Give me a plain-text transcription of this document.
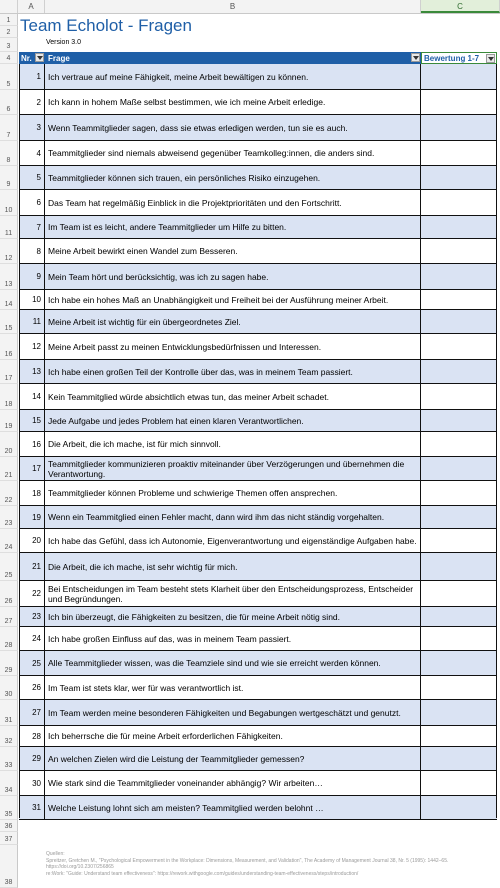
A	B	C
1
2
3
4
5
6
7
8
9
10
11
12
13
14
15
16
17
18
19
20
21
22
23
24
25
26
27
28
29
30
31
32
33
34
35
36
37
38
Team Echolot - Fragen
Version 3.0
Nr. Frage	Bewertung 1-7
1 Ich vertraue auf meine Fähigkeit, meine Arbeit bewältigen zu können.
2 Ich kann in hohem Maße selbst bestimmen, wie ich meine Arbeit erledige.
3 Wenn Teammitglieder sagen, dass sie etwas erledigen werden, tun sie es auch.
4 Teammitglieder sind niemals abweisend gegenüber Teamkolleg:innen, die anders sind.
5 Teammitglieder können sich trauen, ein persönliches Risiko einzugehen.
6 Das Team hat regelmäßig Einblick in die Projektprioritäten und den Fortschritt.
7 Im Team ist es leicht, andere Teammitglieder um Hilfe zu bitten.
8 Meine Arbeit bewirkt einen Wandel zum Besseren.
9 Mein Team hört und berücksichtig, was ich zu sagen habe.
10 Ich habe ein hohes Maß an Unabhängigkeit und Freiheit bei der Ausführung meiner Arbeit.
11 Meine Arbeit ist wichtig für ein übergeordnetes Ziel.
12 Meine Arbeit passt zu meinen Entwicklungsbedürfnissen und Interessen.
13 Ich habe einen großen Teil der Kontrolle über das, was in meinem Team passiert.
14 Kein Teammitglied würde absichtlich etwas tun, das meiner Arbeit schadet.
15 Jede Aufgabe und jedes Problem hat einen klaren Verantwortlichen.
16 Die Arbeit, die ich mache, ist für mich sinnvoll.
17 Teammitglieder kommunizieren proaktiv miteinander über Verzögerungen und übernehmen die Verantwortung.
18 Teammitglieder können Probleme und schwierige Themen offen ansprechen.
19 Wenn ein Teammitglied einen Fehler macht, dann wird ihm das nicht ständig vorgehalten.
20 Ich habe das Gefühl, dass ich Autonomie, Eigenverantwortung und eigenständige Aufgaben habe.
21 Die Arbeit, die ich mache, ist sehr wichtig für mich.
22 Bei Entscheidungen im Team besteht stets Klarheit über den Entscheidungsprozess, Entscheider und Begründungen.
23 Ich bin überzeugt, die Fähigkeiten zu besitzen, die für meine Arbeit nötig sind.
24 Ich habe großen Einfluss auf das, was in meinem Team passiert.
25 Alle Teammitglieder wissen, was die Teamziele sind und wie sie erreicht werden können.
26 Im Team ist stets klar, wer für was verantwortlich ist.
27 Im Team werden meine besonderen Fähigkeiten und Begabungen wertgeschätzt und genutzt.
28 Ich beherrsche die für meine Arbeit erforderlichen Fähigkeiten.
29 An welchen Zielen wird die Leistung der Teammitglieder gemessen?
30 Wie stark sind die Teammitglieder voneinander abhängig? Wir arbeiten…
31 Welche Leistung lohnt sich am meisten? Teammitglied werden belohnt …
Quellen:
Spreitzer, Gretchen M., "Psychological Empowerment in the Workplace: Dimensions, Measurement, and Validation", The Academy of Management Journal 38, Nr. 5 (1995): 1442–65. https://doi.org/10.2307/256865
re:Work: "Guide: Understand team effectiveness": https://rework.withgoogle.com/guides/understanding-team-effectiveness/steps/introduction/
